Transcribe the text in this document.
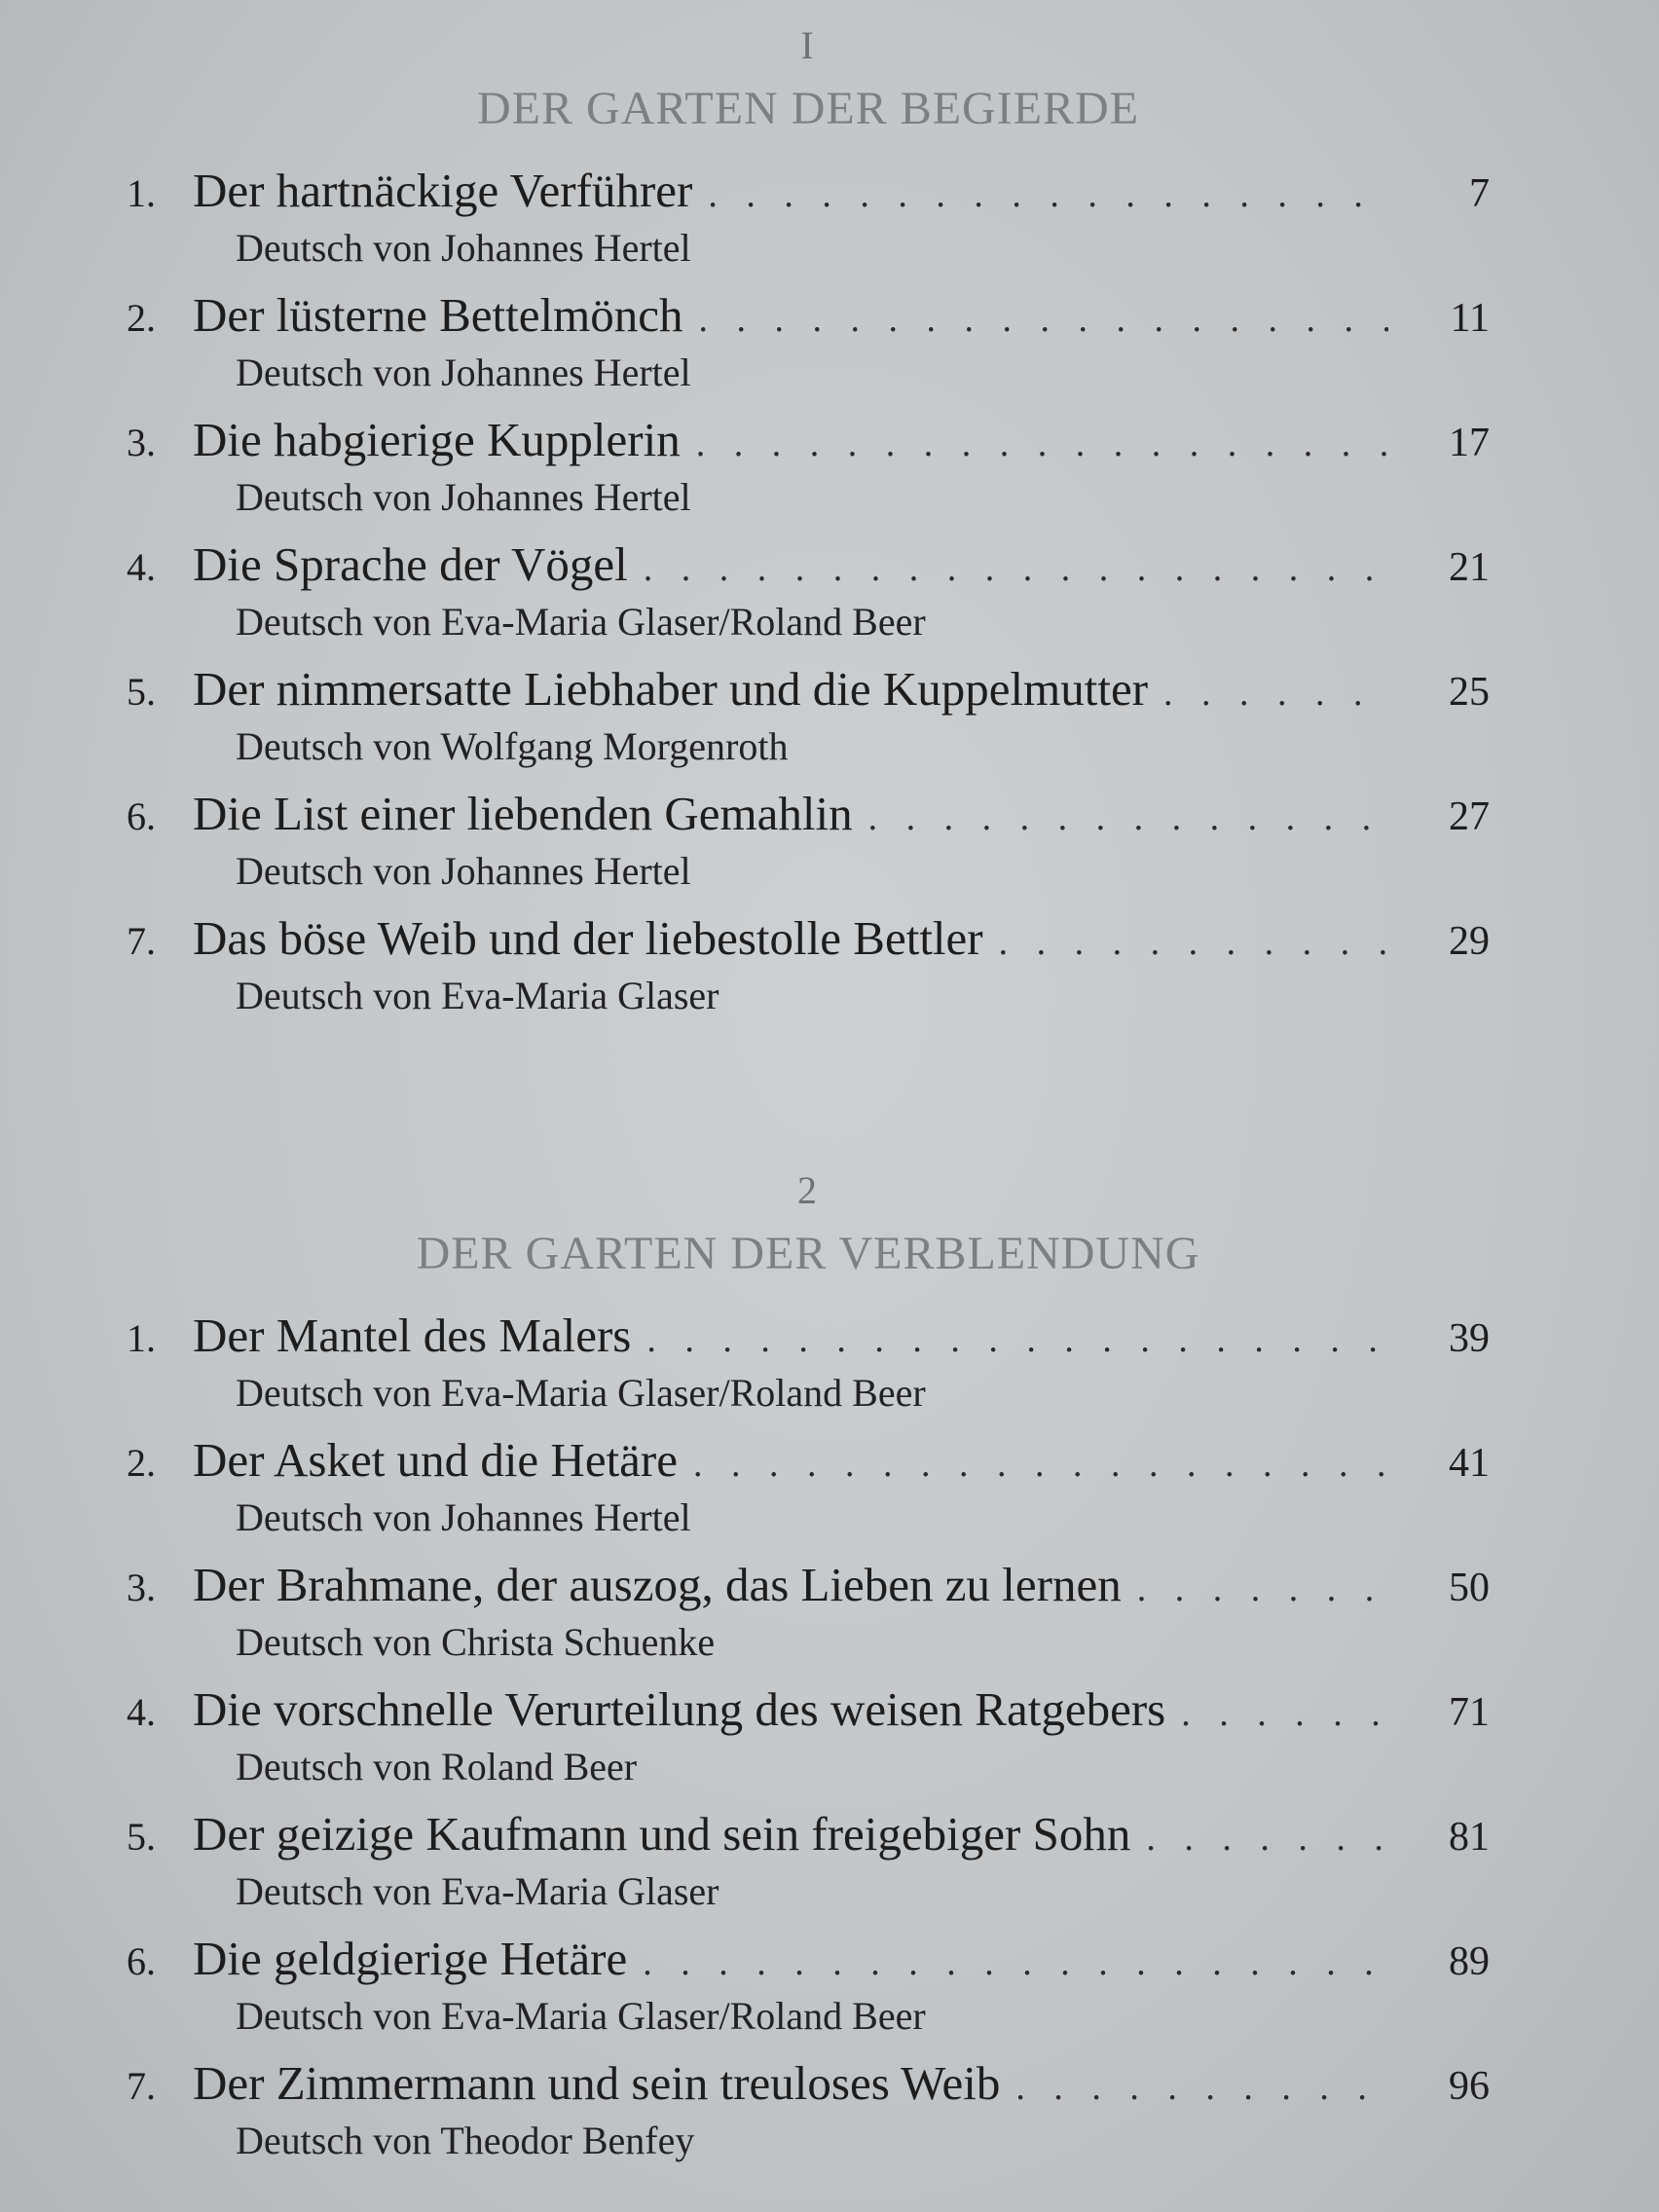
I
DER GARTEN DER BEGIERDE
1. Der hartnäckige Verführer . . .	7
Deutsch von Johannes Hertel
2. Der lüsterne Bettelmönch . . .	11
Deutsch von Johannes Hertel
3. Die habgierige Kupplerin . . .	17
Deutsch von Johannes Hertel
4. Die Sprache der Vögel . . .	21
Deutsch von Eva-Maria Glaser/Roland Beer
5. Der nimmersatte Liebhaber und die Kuppelmutter . . .	25
Deutsch von Wolfgang Morgenroth
6. Die List einer liebenden Gemahlin . . .	27
Deutsch von Johannes Hertel
7. Das böse Weib und der liebestolle Bettler . . .	29
Deutsch von Eva-Maria Glaser
2
DER GARTEN DER VERBLENDUNG
1. Der Mantel des Malers . . .	39
Deutsch von Eva-Maria Glaser/Roland Beer
2. Der Asket und die Hetäre . . .	41
Deutsch von Johannes Hertel
3. Der Brahmane, der auszog, das Lieben zu lernen . . .	50
Deutsch von Christa Schuenke
4. Die vorschnelle Verurteilung des weisen Ratgebers . . .	71
Deutsch von Roland Beer
5. Der geizige Kaufmann und sein freigebiger Sohn . . .	81
Deutsch von Eva-Maria Glaser
6. Die geldgierige Hetäre . . .	89
Deutsch von Eva-Maria Glaser/Roland Beer
7. Der Zimmermann und sein treuloses Weib . . .	96
Deutsch von Theodor Benfey
